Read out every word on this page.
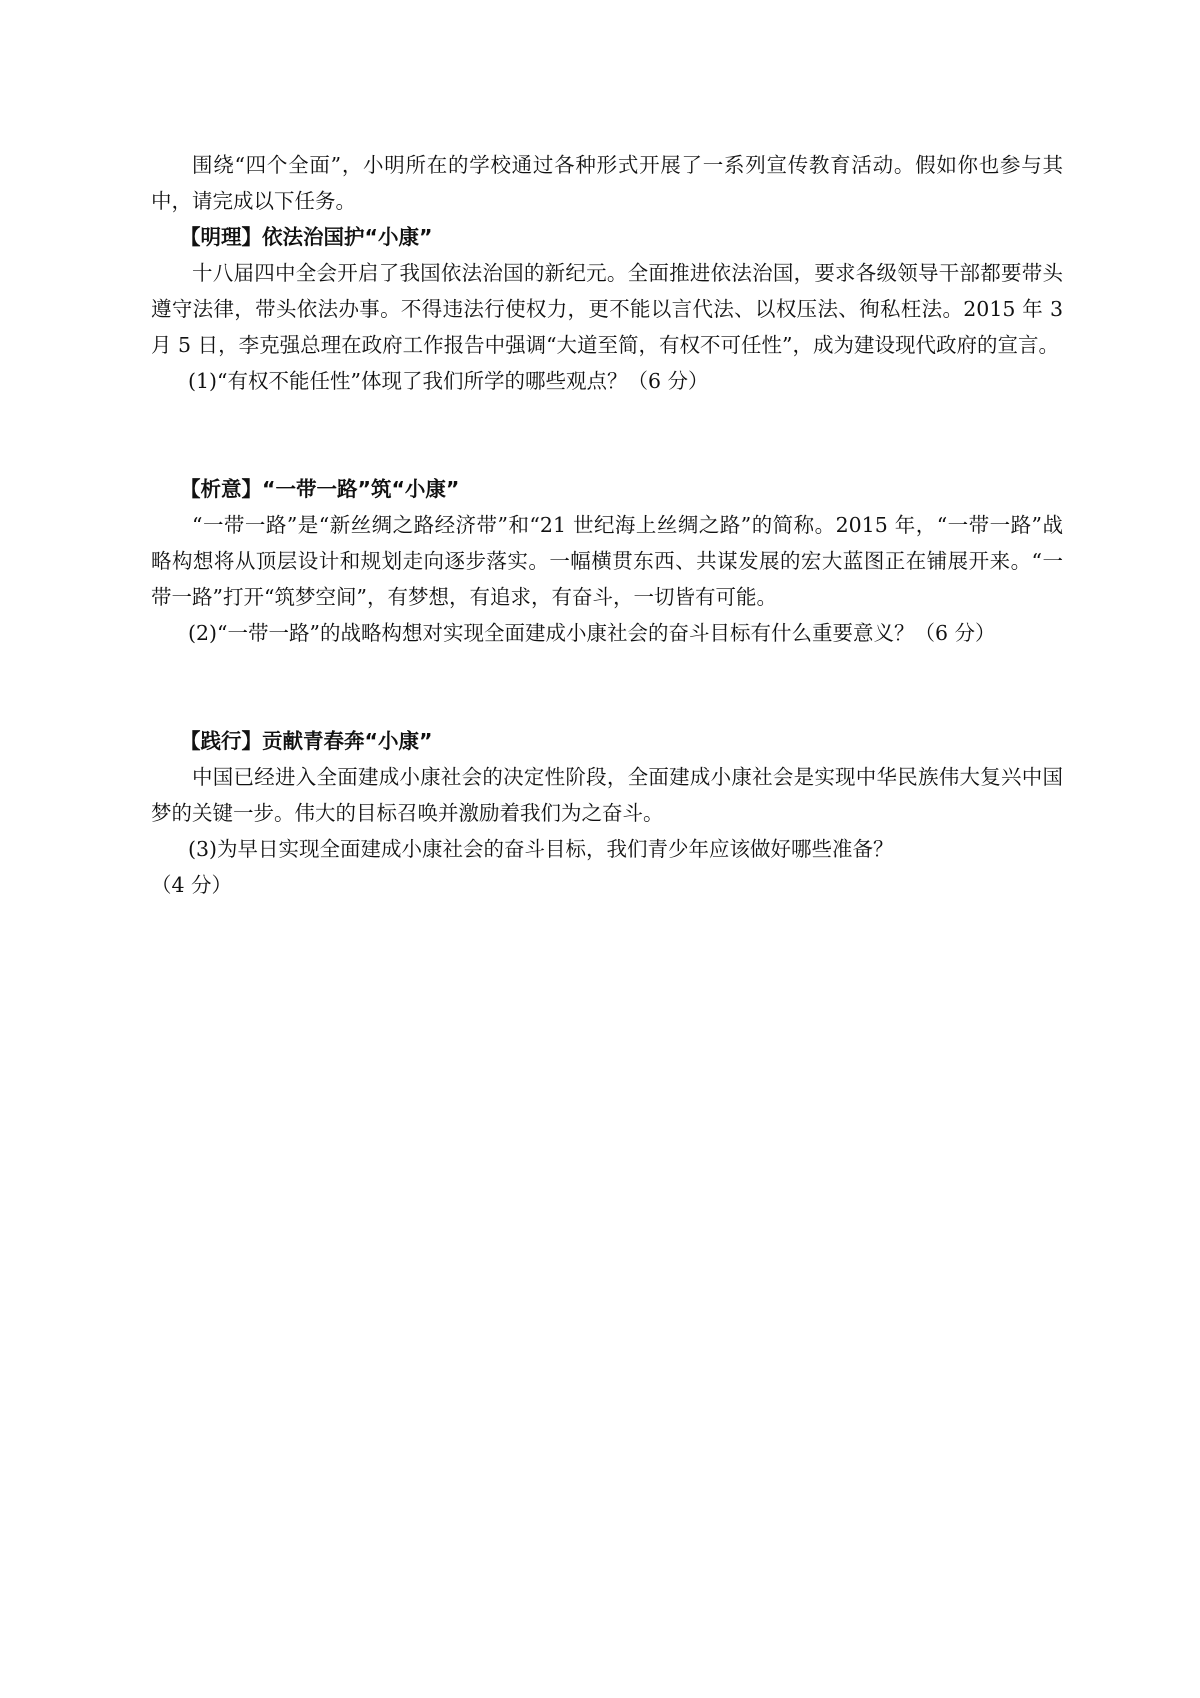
围绕“四个全面”，小明所在的学校通过各种形式开展了一系列宣传教育活动。假如你也参与其中，请完成以下任务。

【明理】依法治国护“小康”

十八届四中全会开启了我国依法治国的新纪元。全面推进依法治国，要求各级领导干部都要带头遵守法律，带头依法办事。不得违法行使权力，更不能以言代法、以权压法、徇私枉法。2015 年 3 月 5 日，李克强总理在政府工作报告中强调“大道至简，有权不可任性”，成为建设现代政府的宣言。

(1)“有权不能任性”体现了我们所学的哪些观点？（6 分）

【析意】“一带一路”筑“小康”

“一带一路”是“新丝绸之路经济带”和“21 世纪海上丝绸之路”的简称。2015 年，“一带一路”战略构想将从顶层设计和规划走向逐步落实。一幅横贯东西、共谋发展的宏大蓝图正在铺展开来。“一带一路”打开“筑梦空间”，有梦想，有追求，有奋斗，一切皆有可能。

(2)“一带一路”的战略构想对实现全面建成小康社会的奋斗目标有什么重要意义？（6 分）

【践行】贡献青春奔“小康”

中国已经进入全面建成小康社会的决定性阶段，全面建成小康社会是实现中华民族伟大复兴中国梦的关键一步。伟大的目标召唤并激励着我们为之奋斗。

(3)为早日实现全面建成小康社会的奋斗目标，我们青少年应该做好哪些准备？

（4 分）
